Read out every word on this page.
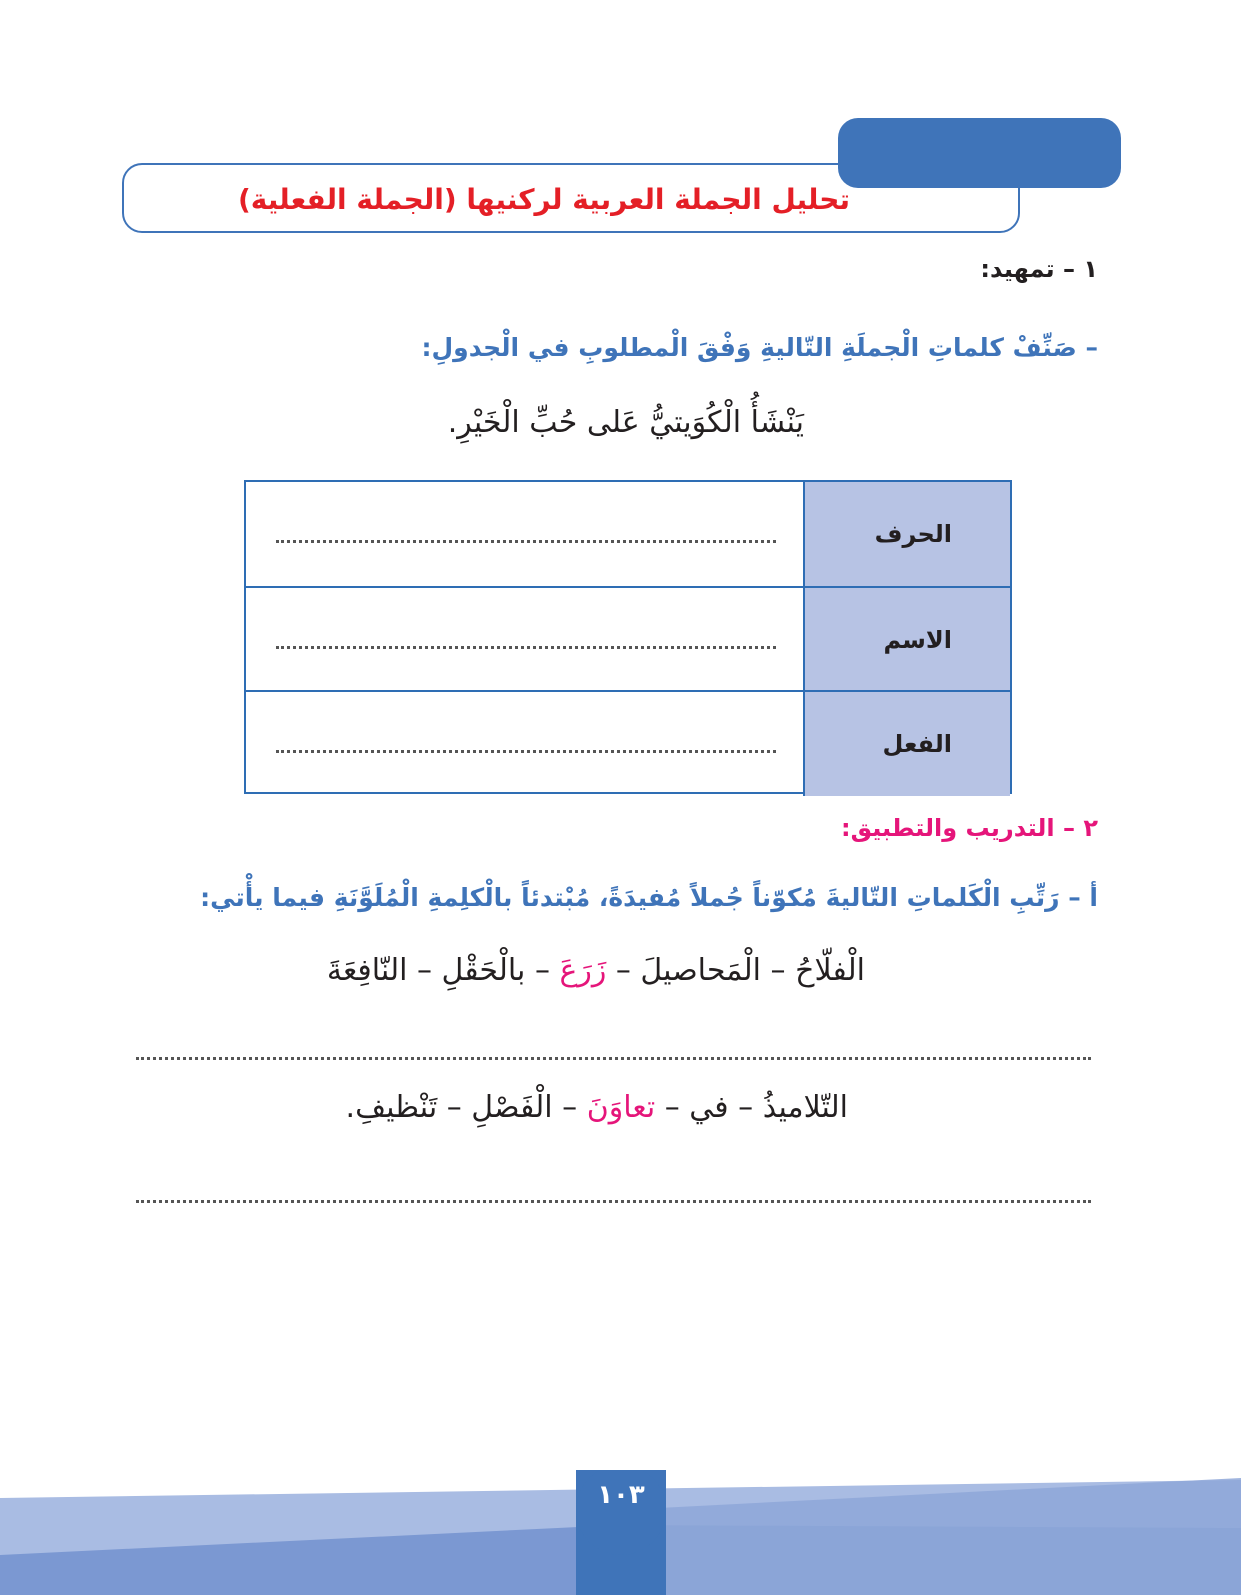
قواعد النحو :
تحليل الجملة العربية لركنيها (الجملة الفعلية)
١ – تمهيد:
– صَنِّفْ كلماتِ الْجملَةِ التّاليةِ وَفْقَ الْمطلوبِ في الْجدولِ:
يَنْشَأُ الْكُوَيتيُّ عَلى حُبِّ الْخَيْرِ.
الحرف
الاسم
الفعل
٢ – التدريب والتطبيق:
أ – رَتِّبِ الْكَلماتِ التّاليةَ مُكوّناً جُملاً مُفيدَةً، مُبْتدئاً بالْكلِمةِ الْمُلَوَّنَةِ فيما يأْتي:
الْفلّاحُ – الْمَحاصيلَ – زَرَعَ – بالْحَقْلِ – النّافِعَةَ
التّلاميذُ – في – تعاوَنَ – الْفَصْلِ – تَنْظيفِ.
١٠٣
